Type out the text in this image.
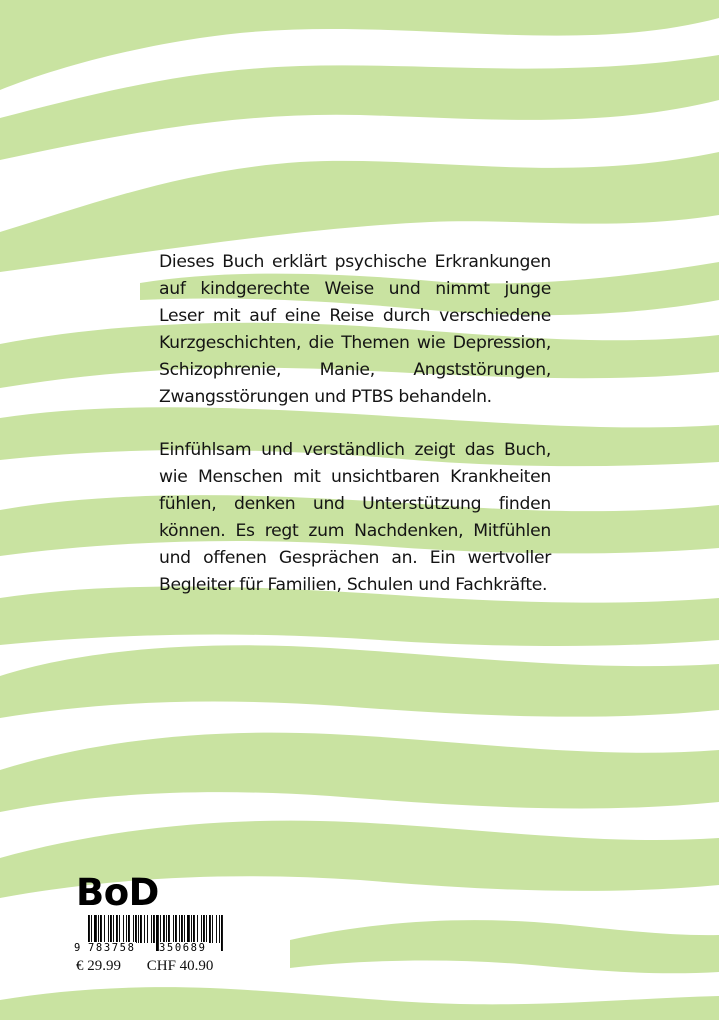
Dieses Buch erklärt psychische Erkrankungen auf kindgerechte Weise und nimmt junge Leser mit auf eine Reise durch verschiedene Kurzgeschichten, die Themen wie Depression, Schizophrenie, Manie, Angststörungen, Zwangsstörungen und PTBS behandeln.

Einfühlsam und verständlich zeigt das Buch, wie Menschen mit unsichtbaren Krankheiten fühlen, denken und Unterstützung finden können. Es regt zum Nachdenken, Mitfühlen und offenen Gesprächen an. Ein wertvoller Begleiter für Familien, Schulen und Fachkräfte.

BoD
9 783758 350689
€ 29.99 CHF 40.90
